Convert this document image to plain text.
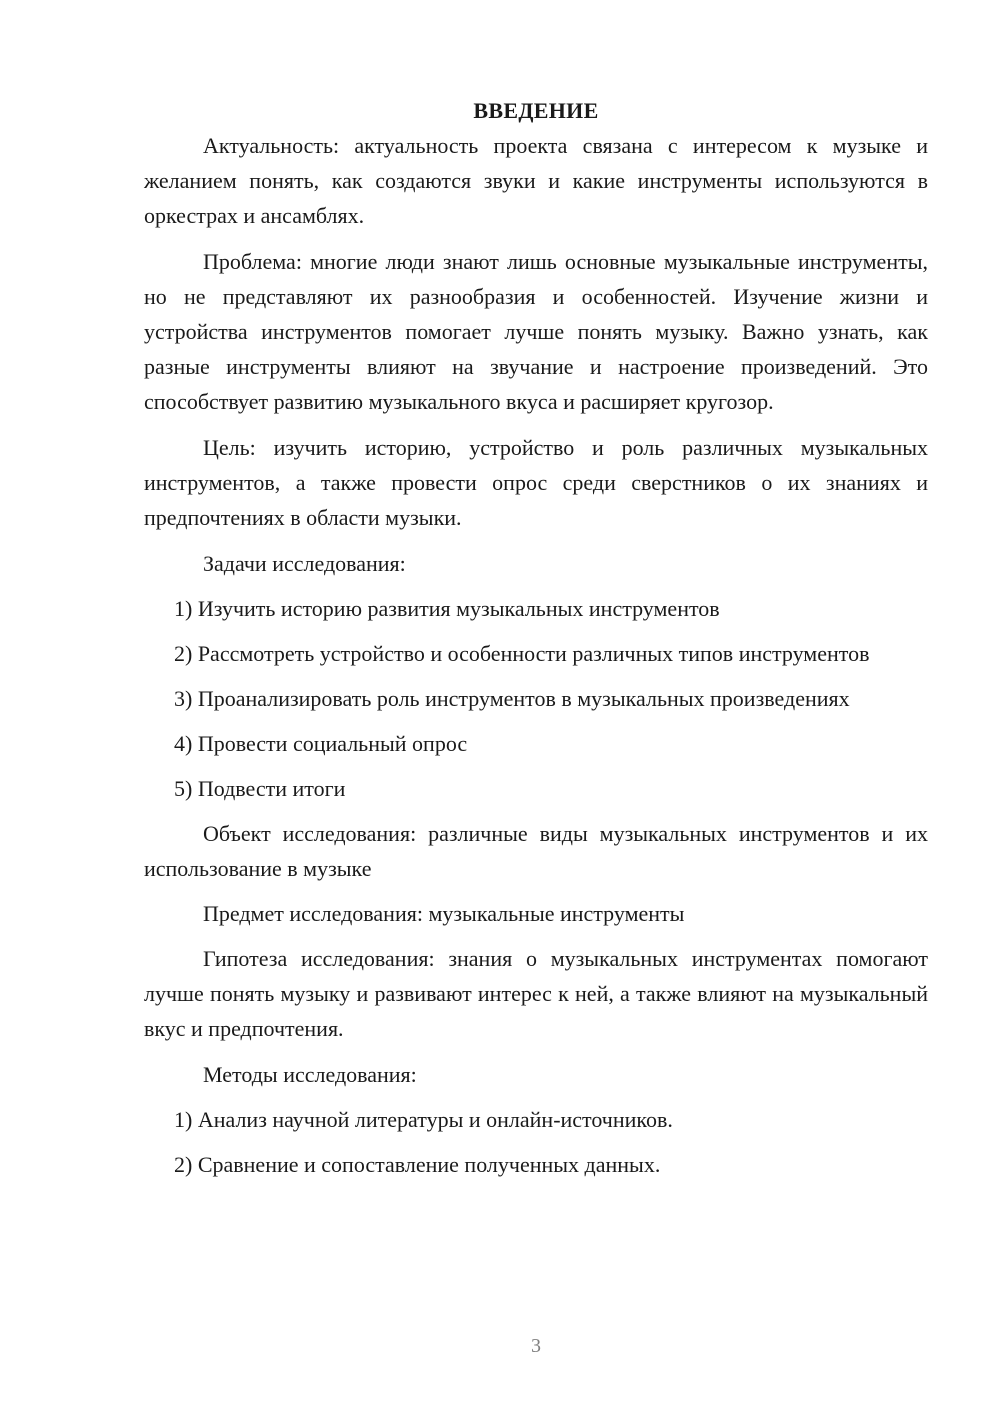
ВВЕДЕНИЕ

Актуальность: актуальность проекта связана с интересом к музыке и желанием понять, как создаются звуки и какие инструменты используются в оркестрах и ансамблях.

Проблема: многие люди знают лишь основные музыкальные инструменты, но не представляют их разнообразия и особенностей. Изучение жизни и устройства инструментов помогает лучше понять музыку. Важно узнать, как разные инструменты влияют на звучание и настроение произведений. Это способствует развитию музыкального вкуса и расширяет кругозор.

Цель: изучить историю, устройство и роль различных музыкальных инструментов, а также провести опрос среди сверстников о их знаниях и предпочтениях в области музыки.

Задачи исследования:

1) Изучить историю развития музыкальных инструментов

2) Рассмотреть устройство и особенности различных типов инструментов

3) Проанализировать роль инструментов в музыкальных произведениях

4) Провести социальный опрос

5) Подвести итоги

Объект исследования: различные виды музыкальных инструментов и их использование в музыке

Предмет исследования: музыкальные инструменты

Гипотеза исследования: знания о музыкальных инструментах помогают лучше понять музыку и развивают интерес к ней, а также влияют на музыкальный вкус и предпочтения.

Методы исследования:

1) Анализ научной литературы и онлайн-источников.

2) Сравнение и сопоставление полученных данных.

3
